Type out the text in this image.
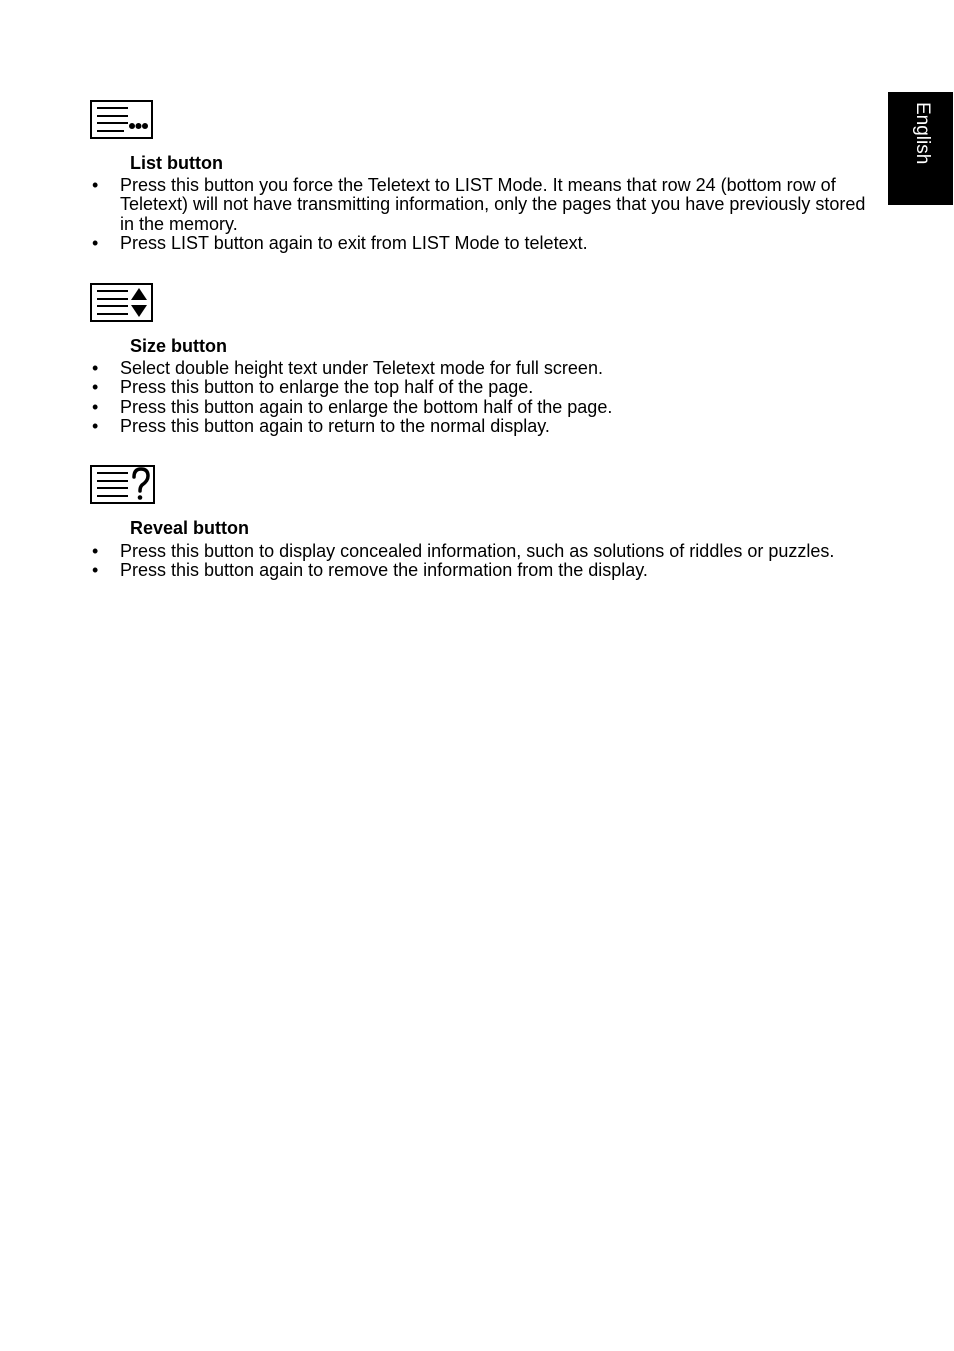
English
List button
•	Press this button you force the Teletext to LIST Mode. It means that row 24 (bottom row of Teletext) will not have transmitting information, only the pages that you have previously stored in the memory.
•	Press LIST button again to exit from LIST Mode to teletext.
Size button
•	Select double height text under Teletext mode for full screen.
•	Press this button to enlarge the top half of the page.
•	Press this button again to enlarge the bottom half of the page.
•	Press this button again to return to the normal display.
Reveal button
•	Press this button to display concealed information, such as solutions of riddles or puzzles.
•	Press this button again to remove the information from the display.
